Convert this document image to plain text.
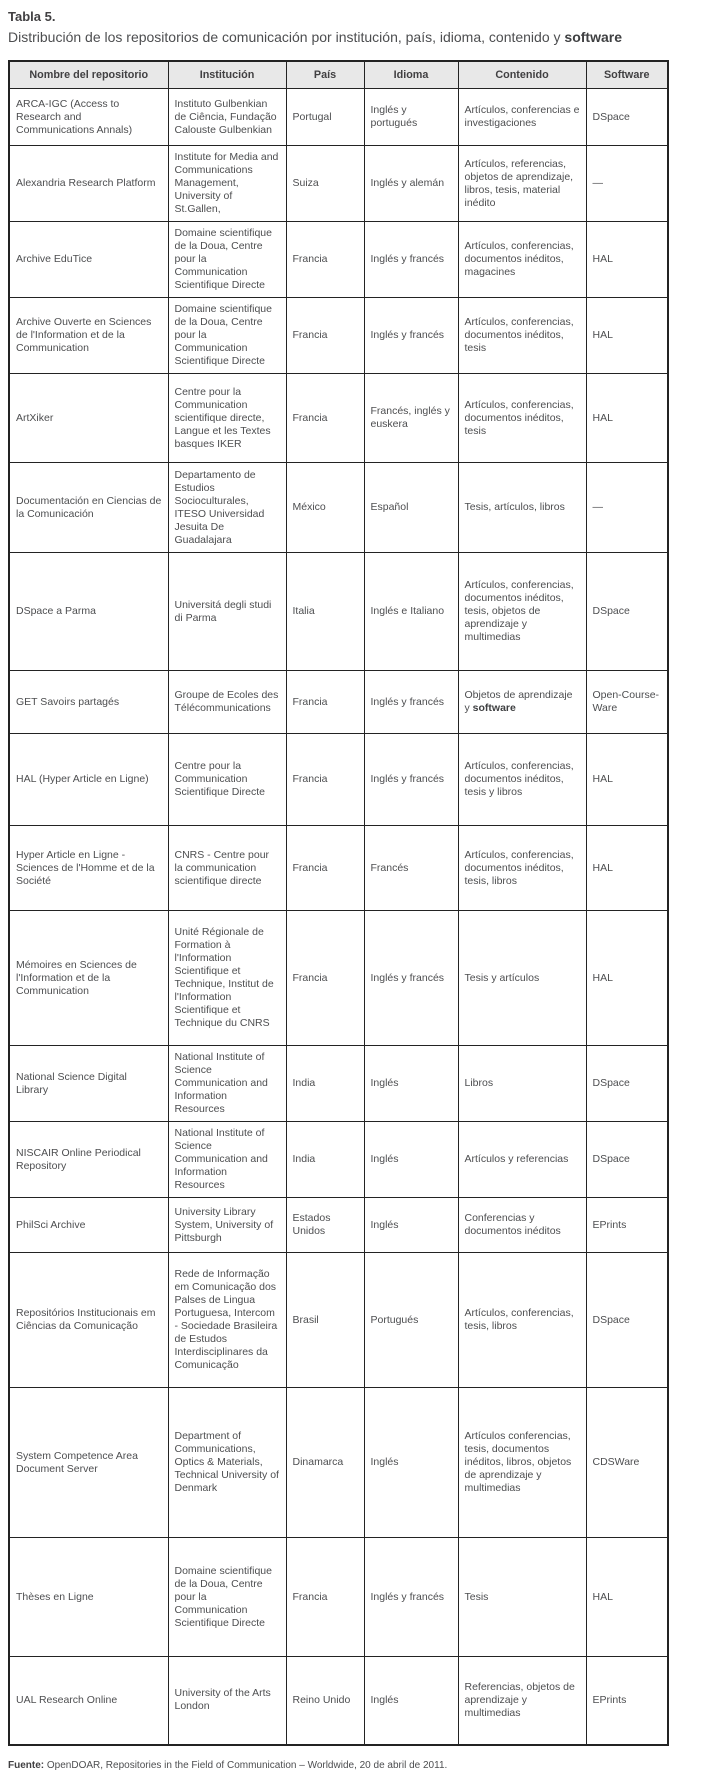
Tabla 5.
Distribución de los repositorios de comunicación por institución, país, idioma, contenido y software
Nombre del repositorio	Institución	País	Idioma	Contenido	Software
ARCA-IGC (Access to Research and Communications Annals)	Instituto Gulbenkian de Ciência, Fundação Calouste Gulbenkian	Portugal	Inglés y portugués	Artículos, conferencias e investigaciones	DSpace
Alexandria Research Platform	Institute for Media and Communications Management, University of St.Gallen,	Suiza	Inglés y alemán	Artículos, referencias, objetos de aprendizaje, libros, tesis, material inédito	—
Archive EduTice	Domaine scientifique de la Doua, Centre pour la Communication Scientifique Directe	Francia	Inglés y francés	Artículos, conferencias, documentos inéditos, magacines	HAL
Archive Ouverte en Sciences de l'Information et de la Communication	Domaine scientifique de la Doua, Centre pour la Communication Scientifique Directe	Francia	Inglés y francés	Artículos, conferencias, documentos inéditos, tesis	HAL
ArtXiker	Centre pour la Communication scientifique directe, Langue et les Textes basques IKER	Francia	Francés, inglés y euskera	Artículos, conferencias, documentos inéditos, tesis	HAL
Documentación en Ciencias de la Comunicación	Departamento de Estudios Socioculturales, ITESO Universidad Jesuita De Guadalajara	México	Español	Tesis, artículos, libros	—
DSpace a Parma	Universitá degli studi di Parma	Italia	Inglés e Italiano	Artículos, conferencias, documentos inéditos, tesis, objetos de aprendizaje y multimedias	DSpace
GET Savoirs partagés	Groupe de Ecoles des Télécommunications	Francia	Inglés y francés	Objetos de aprendizaje y software	Open-Course-Ware
HAL (Hyper Article en Ligne)	Centre pour la Communication Scientifique Directe	Francia	Inglés y francés	Artículos, conferencias, documentos inéditos, tesis y libros	HAL
Hyper Article en Ligne - Sciences de l'Homme et de la Société	CNRS - Centre pour la communication scientifique directe	Francia	Francés	Artículos, conferencias, documentos inéditos, tesis, libros	HAL
Mémoires en Sciences de l'Information et de la Communication	Unité Régionale de Formation à l'Information Scientifique et Technique, Institut de l'Information Scientifique et Technique du CNRS	Francia	Inglés y francés	Tesis y artículos	HAL
National Science Digital Library	National Institute of Science Communication and Information Resources	India	Inglés	Libros	DSpace
NISCAIR Online Periodical Repository	National Institute of Science Communication and Information Resources	India	Inglés	Artículos y referencias	DSpace
PhilSci Archive	University Library System, University of Pittsburgh	Estados Unidos	Inglés	Conferencias y documentos inéditos	EPrints
Repositórios Institucionais em Ciências da Comunicação	Rede de Informação em Comunicação dos Palses de Lingua Portuguesa, Intercom - Sociedade Brasileira de Estudos Interdisciplinares da Comunicação	Brasil	Portugués	Artículos, conferencias, tesis, libros	DSpace
System Competence Area Document Server	Department of Communications, Optics & Materials, Technical University of Denmark	Dinamarca	Inglés	Artículos conferencias, tesis, documentos inéditos, libros, objetos de aprendizaje y multimedias	CDSWare
Thèses en Ligne	Domaine scientifique de la Doua, Centre pour la Communication Scientifique Directe	Francia	Inglés y francés	Tesis	HAL
UAL Research Online	University of the Arts London	Reino Unido	Inglés	Referencias, objetos de aprendizaje y multimedias	EPrints
Fuente: OpenDOAR, Repositories in the Field of Communication – Worldwide, 20 de abril de 2011.
